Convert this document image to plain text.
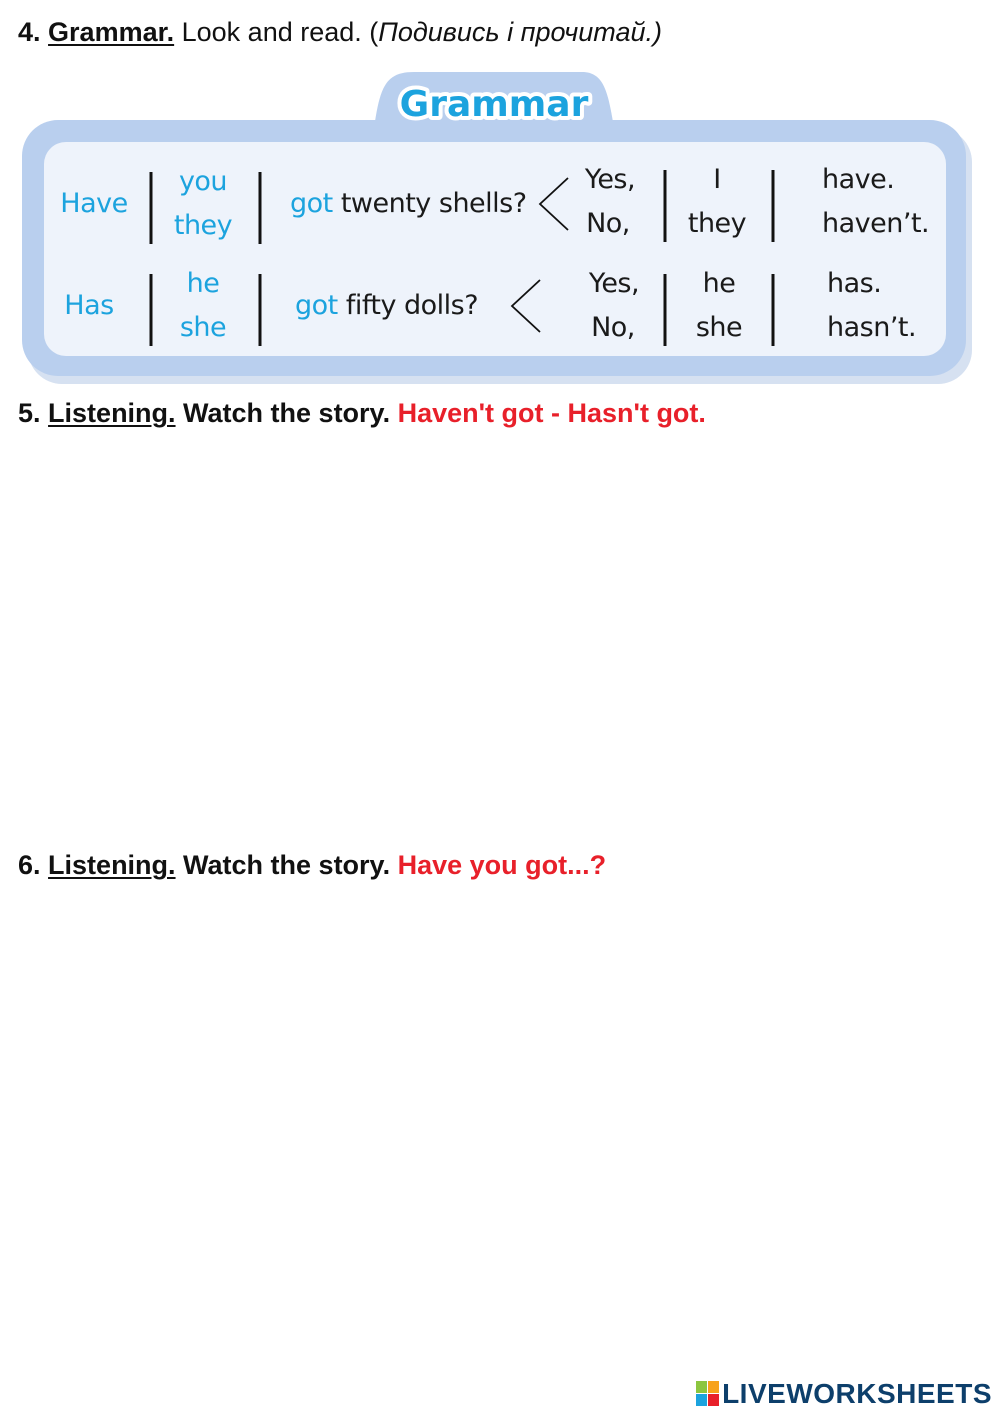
4. Grammar. Look and read. (Подивись і прочитай.)
Grammar
Have
you
they
got twenty shells?
Yes,
No,
I
they
have.
haven’t.
Has
he
she
got fifty dolls?
Yes,
No,
he
she
has.
hasn’t.
5. Listening. Watch the story. Haven't got - Hasn't got.
6. Listening. Watch the story. Have you got...?
LIVEWORKSHEETS
